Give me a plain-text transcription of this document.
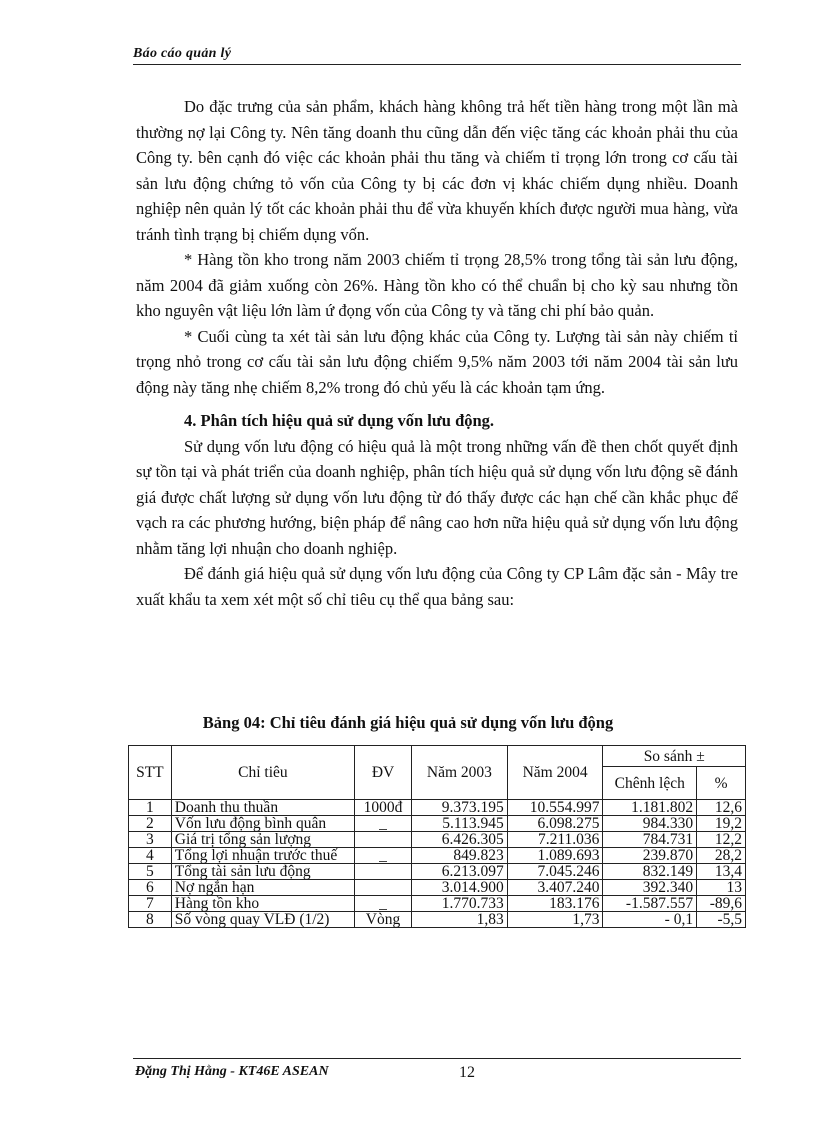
Báo cáo quản lý

Do đặc trưng của sản phẩm, khách hàng không trả hết tiền hàng trong một lần mà thường nợ lại Công ty. Nên tăng doanh thu cũng dẫn đến việc tăng các khoản phải thu của Công ty. bên cạnh đó việc các khoản phải thu tăng và chiếm tỉ trọng lớn trong cơ cấu tài sản lưu động chứng tỏ vốn của Công ty bị các đơn vị khác chiếm dụng nhiều. Doanh nghiệp nên quản lý tốt các khoản phải thu để vừa khuyến khích được người mua hàng, vừa tránh tình trạng bị chiếm dụng vốn.

* Hàng tồn kho trong năm 2003 chiếm tỉ trọng 28,5% trong tổng tài sản lưu động, năm 2004 đã giảm xuống còn 26%. Hàng tồn kho có thể chuẩn bị cho kỳ sau nhưng tồn kho nguyên vật liệu lớn làm ứ đọng vốn của Công ty và tăng chi phí bảo quản.

* Cuối cùng ta xét tài sản lưu động khác của Công ty. Lượng tài sản này chiếm tỉ trọng nhỏ trong cơ cấu tài sản lưu động chiếm 9,5% năm 2003 tới năm 2004 tài sản lưu động này tăng nhẹ chiếm 8,2% trong đó chủ yếu là các khoản tạm ứng.

4. Phân tích hiệu quả sử dụng vốn lưu động.

Sử dụng vốn lưu động có hiệu quả là một trong những vấn đề then chốt quyết định sự tồn tại và phát triển của doanh nghiệp, phân tích hiệu quả sử dụng vốn lưu động sẽ đánh giá được chất lượng sử dụng vốn lưu động từ đó thấy được các hạn chế cần khắc phục để vạch ra các phương hướng, biện pháp để nâng cao hơn nữa hiệu quả sử dụng vốn lưu động nhằm tăng lợi nhuận cho doanh nghiệp.

Để đánh giá hiệu quả sử dụng vốn lưu động của Công ty CP Lâm đặc sản - Mây tre xuất khẩu ta xem xét một số chỉ tiêu cụ thể qua bảng sau:

Bảng 04: Chỉ tiêu đánh giá hiệu quả sử dụng vốn lưu động
STT	Chỉ tiêu	ĐV	Năm 2003	Năm 2004	So sánh ±	
					Chênh lệch	%
1	Doanh thu thuần	1000đ	9.373.195	10.554.997	1.181.802	12,6
2	Vốn lưu động bình quân	_	5.113.945	6.098.275	984.330	19,2
3	Giá trị tổng sản lượng		6.426.305	7.211.036	784.731	12,2
4	Tổng lợi nhuận trước thuế	_	849.823	1.089.693	239.870	28,2
5	Tổng tài sản lưu động		6.213.097	7.045.246	832.149	13,4
6	Nợ ngắn hạn		3.014.900	3.407.240	392.340	13
7	Hàng tồn kho	_	1.770.733	183.176	-1.587.557	-89,6
8	Số vòng quay VLĐ (1/2)	Vòng	1,83	1,73	- 0,1	-5,5
Đặng Thị Hằng - KT46E ASEAN	12
